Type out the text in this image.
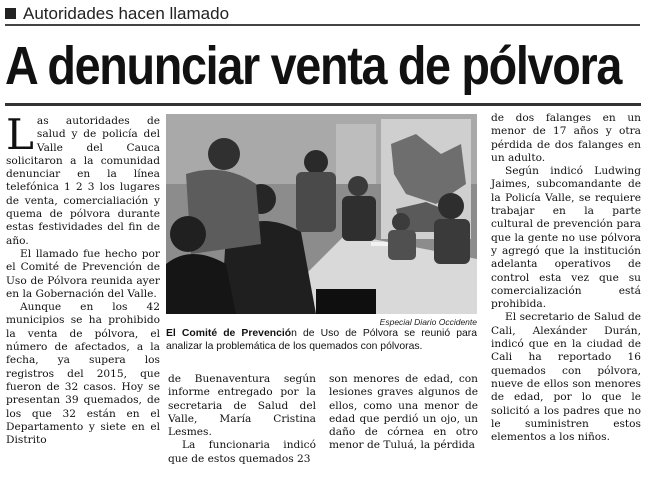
Autoridades hacen llamado
A denunciar venta de pólvora

Las autoridades de salud y de policía del Valle del Cauca solicitaron a la comunidad denunciar en la línea telefónica 1 2 3 los lugares de venta, comercialiación y quema de pólvora durante estas festividades del fin de año.

El llamado fue hecho por el Comité de Prevención de Uso de Pólvora reunida ayer en la Gobernación del Valle.

Aunque en los 42 municipios se ha prohibido la venta de pólvora, el número de afectados, a la fecha, ya supera los registros del 2015, que fueron de 32 casos. Hoy se presentan 39 quemados, de los que 32 están en el Departamento y siete en el Distrito

Especial Diario Occidente
El Comité de Prevención de Uso de Pólvora se reunió para analizar la problemática de los quemados con pólvoras.

de Buenaventura según informe entregado por la secretaria de Salud del Valle, María Cristina Lesmes.

La funcionaria indicó que de estos quemados 23

son menores de edad, con lesiones graves algunos de ellos, como una menor de edad que perdió un ojo, un daño de córnea en otro menor de Tuluá, la pérdida

de dos falanges en un menor de 17 años y otra pérdida de dos falanges en un adulto.

Según indicó Ludwing Jaimes, subcomandante de la Policía Valle, se requiere trabajar en la parte cultural de prevención para que la gente no use pólvora y agregó que la institución adelanta operativos de control esta vez que su comercialización está prohibida.

El secretario de Salud de Cali, Alexánder Durán, indicó que en la ciudad de Cali ha reportado 16 quemados con pólvora, nueve de ellos son menores de edad, por lo que le solicitó a los padres que no le suministren estos elementos a los niños.
